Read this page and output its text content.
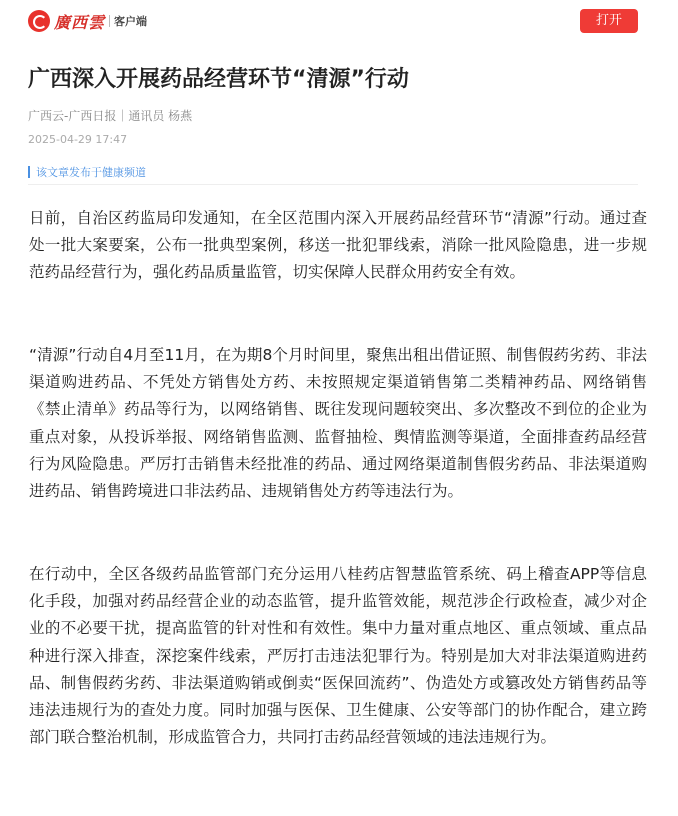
廣西雲 客户端	打开
广西深入开展药品经营环节“清源”行动
广西云-广西日报｜通讯员 杨燕
2025-04-29 17:47
该文章发布于健康频道

日前，自治区药监局印发通知，在全区范围内深入开展药品经营环节“清源”行动。通过查处一批大案要案，公布一批典型案例，移送一批犯罪线索，消除一批风险隐患，进一步规范药品经营行为，强化药品质量监管，切实保障人民群众用药安全有效。

“清源”行动自4月至11月，在为期8个月时间里，聚焦出租出借证照、制售假药劣药、非法渠道购进药品、不凭处方销售处方药、未按照规定渠道销售第二类精神药品、网络销售《禁止清单》药品等行为，以网络销售、既往发现问题较突出、多次整改不到位的企业为重点对象，从投诉举报、网络销售监测、监督抽检、舆情监测等渠道，全面排查药品经营行为风险隐患。严厉打击销售未经批准的药品、通过网络渠道制售假劣药品、非法渠道购进药品、销售跨境进口非法药品、违规销售处方药等违法行为。

在行动中，全区各级药品监管部门充分运用八桂药店智慧监管系统、码上稽查APP等信息化手段，加强对药品经营企业的动态监管，提升监管效能，规范涉企行政检查，减少对企业的不必要干扰，提高监管的针对性和有效性。集中力量对重点地区、重点领域、重点品种进行深入排查，深挖案件线索，严厉打击违法犯罪行为。特别是加大对非法渠道购进药品、制售假药劣药、非法渠道购销或倒卖“医保回流药”、伪造处方或篡改处方销售药品等违法违规行为的查处力度。同时加强与医保、卫生健康、公安等部门的协作配合，建立跨部门联合整治机制，形成监管合力，共同打击药品经营领域的违法违规行为。
